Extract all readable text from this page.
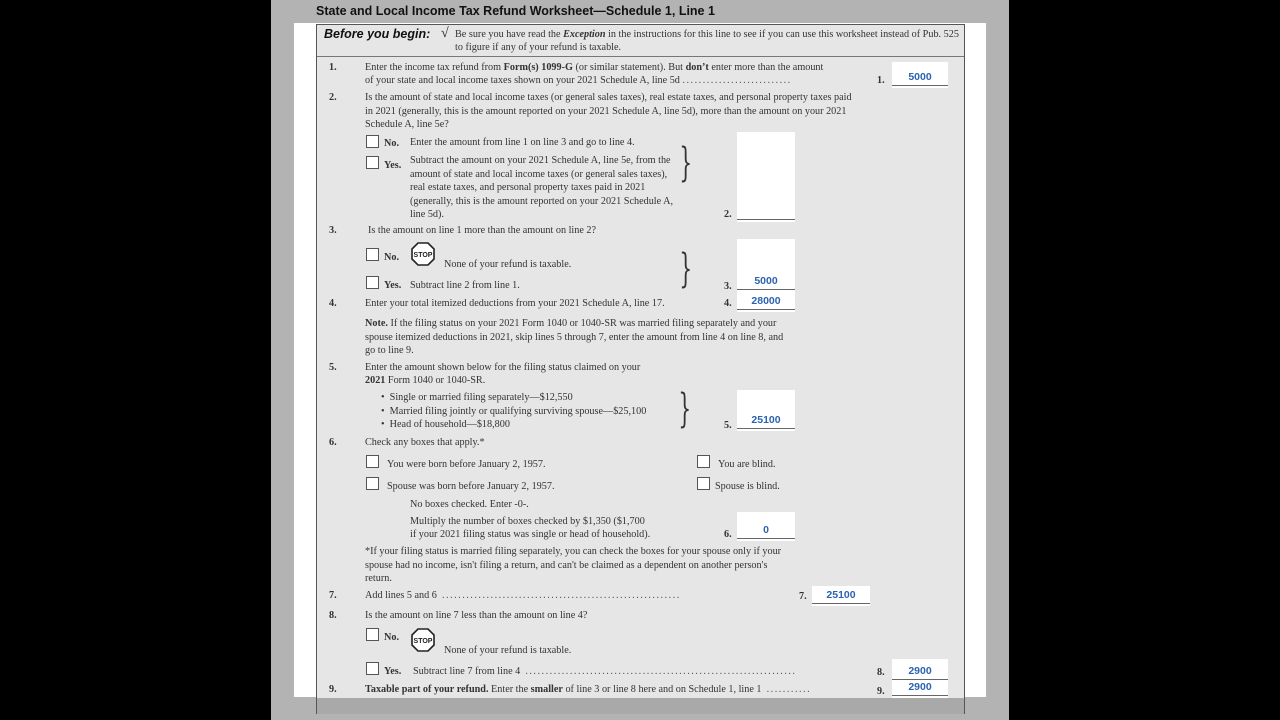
State and Local Income Tax Refund Worksheet—Schedule 1, Line 1
Before you begin: √ Be sure you have read the Exception in the instructions for this line to see if you can use this worksheet instead of Pub. 525 to figure if any of your refund is taxable.
1.	Enter the income tax refund from Form(s) 1099-G (or similar statement). But don’t enter more than the amount
of your state and local income taxes shown on your 2021 Schedule A, line 5d ...........................	1.	5000
2.	Is the amount of state and local income taxes (or general sales taxes), real estate taxes, and personal property taxes paid in 2021 (generally, this is the amount reported on your 2021 Schedule A, line 5d), more than the amount on your 2021 Schedule A, line 5e?
No. Enter the amount from line 1 on line 3 and go to line 4.
Yes. Subtract the amount on your 2021 Schedule A, line 5e, from the amount of state and local income taxes (or general sales taxes), real estate taxes, and personal property taxes paid in 2021 (generally, this is the amount reported on your 2021 Schedule A, line 5d).
}
2.
3.	Is the amount on line 1 more than the amount on line 2?
No. STOP
None of your refund is taxable.
Yes. Subtract line 2 from line 1.	}	3.	5000
4.	Enter your total itemized deductions from your 2021 Schedule A, line 17.	4.	28000
Note. If the filing status on your 2021 Form 1040 or 1040-SR was married filing separately and your spouse itemized deductions in 2021, skip lines 5 through 7, enter the amount from line 4 on line 8, and go to line 9.
5.	Enter the amount shown below for the filing status claimed on your
2021 Form 1040 or 1040-SR.
•  Single or married filing separately—$12,550
•  Married filing jointly or qualifying surviving spouse—$25,100
•  Head of household—$18,800	}	5.	25100
6.	Check any boxes that apply.*
You were born before January 2, 1957.
Spouse was born before January 2, 1957.
You are blind.
Spouse is blind.
No boxes checked. Enter -0-.
Multiply the number of boxes checked by $1,350 ($1,700
if your 2021 filing status was single or head of household).	6.	0
*If your filing status is married filing separately, you can check the boxes for your spouse only if your spouse had no income, isn't filing a return, and can't be claimed as a dependent on another person's return.
7.	Add lines 5 and 6 ...........................................................	7.	25100
8.	Is the amount on line 7 less than the amount on line 4?
No. STOP
None of your refund is taxable.
Yes. Subtract line 7 from line 4 ...................................................................	8.	2900
9.	Taxable part of your refund. Enter the smaller of line 3 or line 8 here and on Schedule 1, line 1 ...........	9.	2900
